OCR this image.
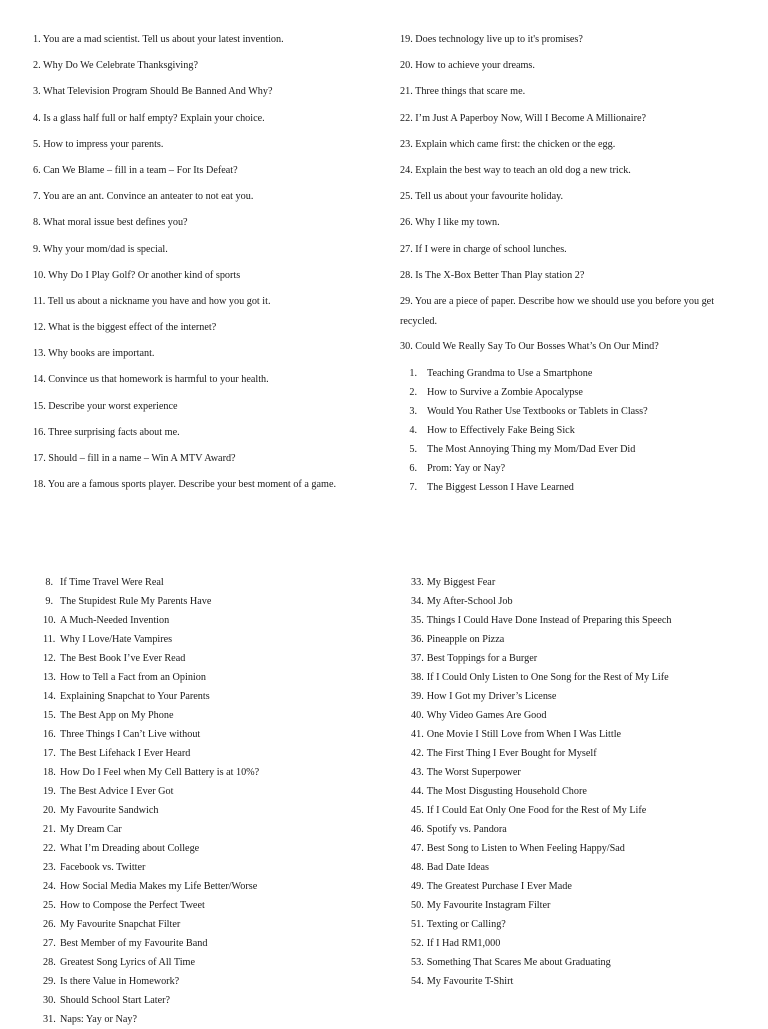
1. You are a mad scientist. Tell us about your latest invention.
2. Why Do We Celebrate Thanksgiving?
3. What Television Program Should Be Banned And Why?
4. Is a glass half full or half empty? Explain your choice.
5. How to impress your parents.
6. Can We Blame – fill in a team – For Its Defeat?
7. You are an ant. Convince an anteater to not eat you.
8. What moral issue best defines you?
9. Why your mom/dad is special.
10. Why Do I Play Golf? Or another kind of sports
11. Tell us about a nickname you have and how you got it.
12. What is the biggest effect of the internet?
13. Why books are important.
14. Convince us that homework is harmful to your health.
15. Describe your worst experience
16. Three surprising facts about me.
17. Should – fill in a name – Win A MTV Award?
18. You are a famous sports player. Describe your best moment of a game.
19. Does technology live up to it's promises?
20. How to achieve your dreams.
21. Three things that scare me.
22. I’m Just A Paperboy Now, Will I Become A Millionaire?
23. Explain which came first: the chicken or the egg.
24. Explain the best way to teach an old dog a new trick.
25. Tell us about your favourite holiday.
26. Why I like my town.
27. If I were in charge of school lunches.
28. Is The X-Box Better Than Play station 2?
29. You are a piece of paper. Describe how we should use you before you get recycled.
30. Could We Really Say To Our Bosses What’s On Our Mind?
1. Teaching Grandma to Use a Smartphone
2. How to Survive a Zombie Apocalypse
3. Would You Rather Use Textbooks or Tablets in Class?
4. How to Effectively Fake Being Sick
5. The Most Annoying Thing my Mom/Dad Ever Did
6. Prom: Yay or Nay?
7. The Biggest Lesson I Have Learned
8. If Time Travel Were Real
9. The Stupidest Rule My Parents Have
10. A Much-Needed Invention
11. Why I Love/Hate Vampires
12. The Best Book I’ve Ever Read
13. How to Tell a Fact from an Opinion
14. Explaining Snapchat to Your Parents
15. The Best App on My Phone
16. Three Things I Can’t Live without
17. The Best Lifehack I Ever Heard
18. How Do I Feel when My Cell Battery is at 10%?
19. The Best Advice I Ever Got
20. My Favourite Sandwich
21. My Dream Car
22. What I’m Dreading about College
23. Facebook vs. Twitter
24. How Social Media Makes my Life Better/Worse
25. How to Compose the Perfect Tweet
26. My Favourite Snapchat Filter
27. Best Member of my Favourite Band
28. Greatest Song Lyrics of All Time
29. Is there Value in Homework?
30. Should School Start Later?
31. Naps: Yay or Nay?
33. My Biggest Fear
34. My After-School Job
35. Things I Could Have Done Instead of Preparing this Speech
36. Pineapple on Pizza
37. Best Toppings for a Burger
38. If I Could Only Listen to One Song for the Rest of My Life
39. How I Got my Driver’s License
40. Why Video Games Are Good
41. One Movie I Still Love from When I Was Little
42. The First Thing I Ever Bought for Myself
43. The Worst Superpower
44. The Most Disgusting Household Chore
45. If I Could Eat Only One Food for the Rest of My Life
46. Spotify vs. Pandora
47. Best Song to Listen to When Feeling Happy/Sad
48. Bad Date Ideas
49. The Greatest Purchase I Ever Made
50. My Favourite Instagram Filter
51. Texting or Calling?
52. If I Had RM1,000
53. Something That Scares Me about Graduating
54. My Favourite T-Shirt
